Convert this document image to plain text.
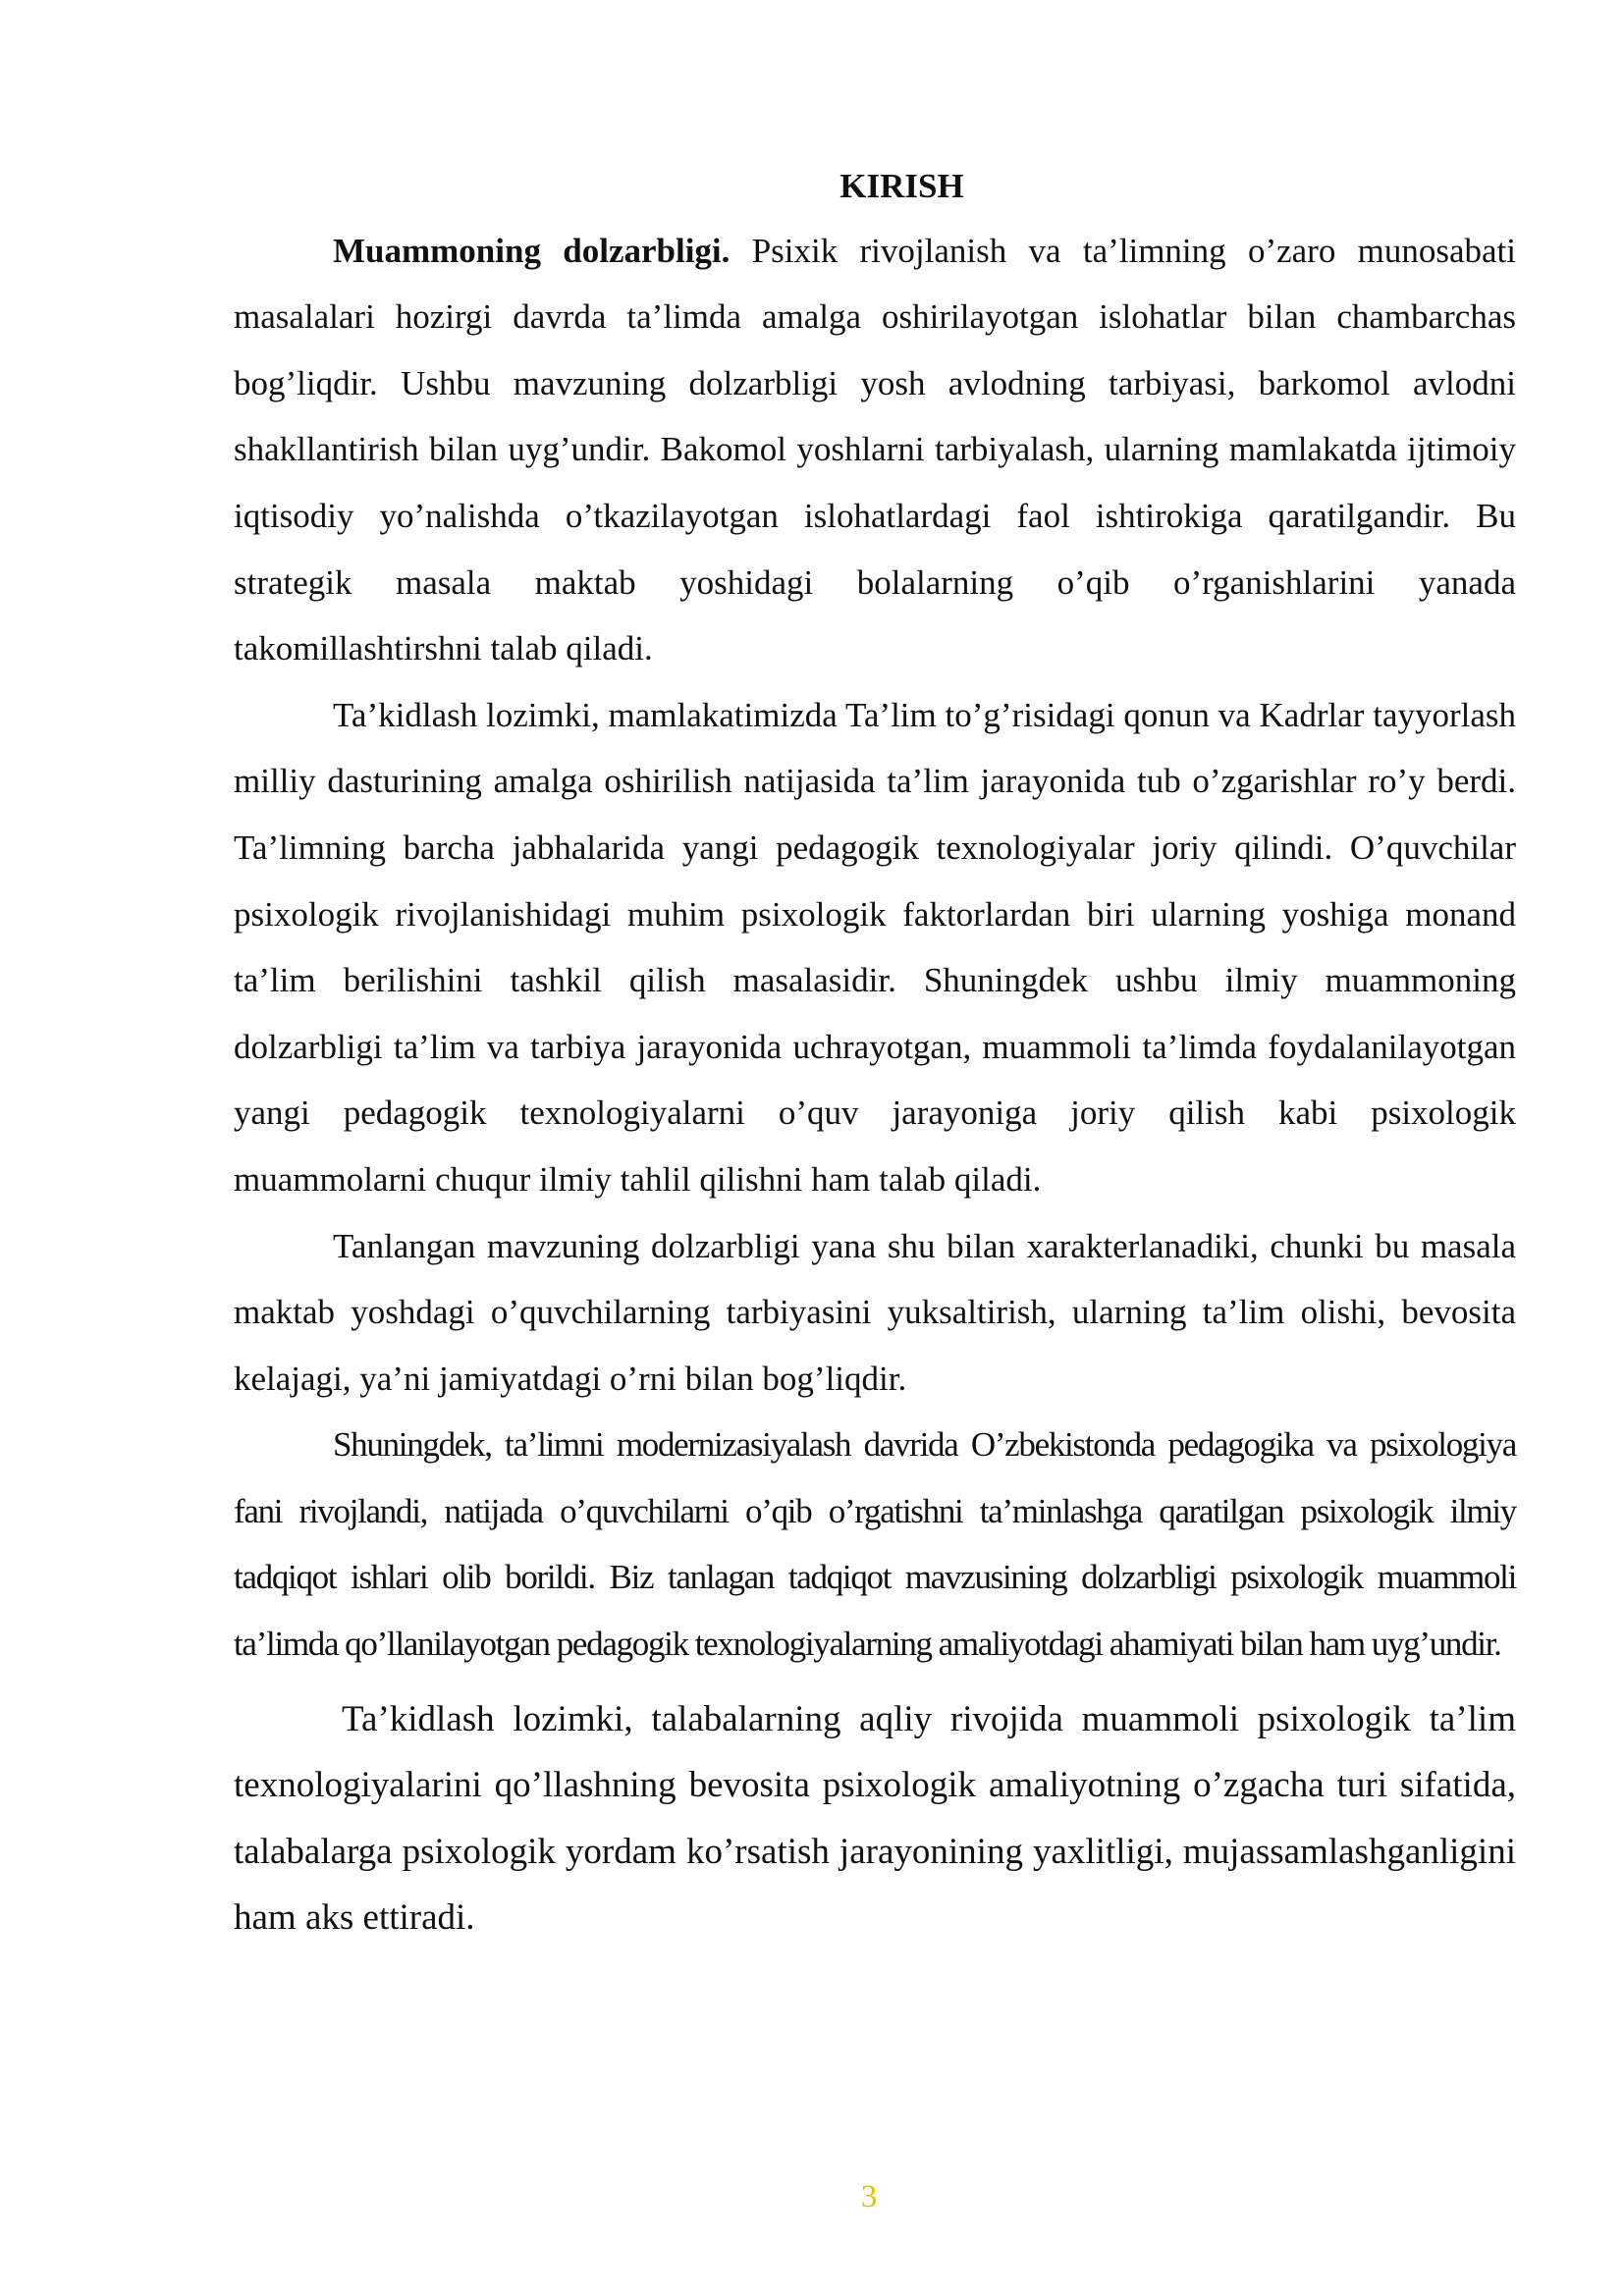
KIRISH

Muammoning dolzarbligi. Psixik rivojlanish va ta’limning o’zaro munosabati masalalari hozirgi davrda ta’limda amalga oshirilayotgan islohatlar bilan chambarchas bog’liqdir. Ushbu mavzuning dolzarbligi yosh avlodning tarbiyasi, barkomol avlodni shakllantirish bilan uyg’undir. Bakomol yoshlarni tarbiyalash, ularning mamlakatda ijtimoiy iqtisodiy yo’nalishda o’tkazilayotgan islohatlardagi faol ishtirokiga qaratilgandir. Bu strategik masala maktab yoshidagi bolalarning o’qib o’rganishlarini yanada takomillashtirshni talab qiladi.

Ta’kidlash lozimki, mamlakatimizda Ta’lim to’g’risidagi qonun va Kadrlar tayyorlash milliy dasturining amalga oshirilish natijasida ta’lim jarayonida tub o’zgarishlar ro’y berdi. Ta’limning barcha jabhalarida yangi pedagogik texnologiyalar joriy qilindi. O’quvchilar psixologik rivojlanishidagi muhim psixologik faktorlardan biri ularning yoshiga monand ta’lim berilishini tashkil qilish masalasidir. Shuningdek ushbu ilmiy muammoning dolzarbligi ta’lim va tarbiya jarayonida uchrayotgan, muammoli ta’limda foydalanilayotgan yangi pedagogik texnologiyalarni o’quv jarayoniga joriy qilish kabi psixologik muammolarni chuqur ilmiy tahlil qilishni ham talab qiladi.

Tanlangan mavzuning dolzarbligi yana shu bilan xarakterlanadiki, chunki bu masala maktab yoshdagi o’quvchilarning tarbiyasini yuksaltirish, ularning ta’lim olishi, bevosita kelajagi, ya’ni jamiyatdagi o’rni bilan bog’liqdir.

Shuningdek, ta’limni modernizasiyalash davrida O’zbekistonda pedagogika va psixologiya fani rivojlandi, natijada o’quvchilarni o’qib o’rgatishni ta’minlashga qaratilgan psixologik ilmiy tadqiqot ishlari olib borildi. Biz tanlagan tadqiqot mavzusining dolzarbligi psixologik muammoli ta’limda qo’llanilayotgan pedagogik texnologiyalarning amaliyotdagi ahamiyati bilan ham uyg’undir.

Ta’kidlash lozimki, talabalarning aqliy rivojida muammoli psixologik ta’lim texnologiyalarini qo’llashning bevosita psixologik amaliyotning o’zgacha turi sifatida, talabalarga psixologik yordam ko’rsatish jarayonining yaxlitligi, mujassamlashganligini ham aks ettiradi.

3
